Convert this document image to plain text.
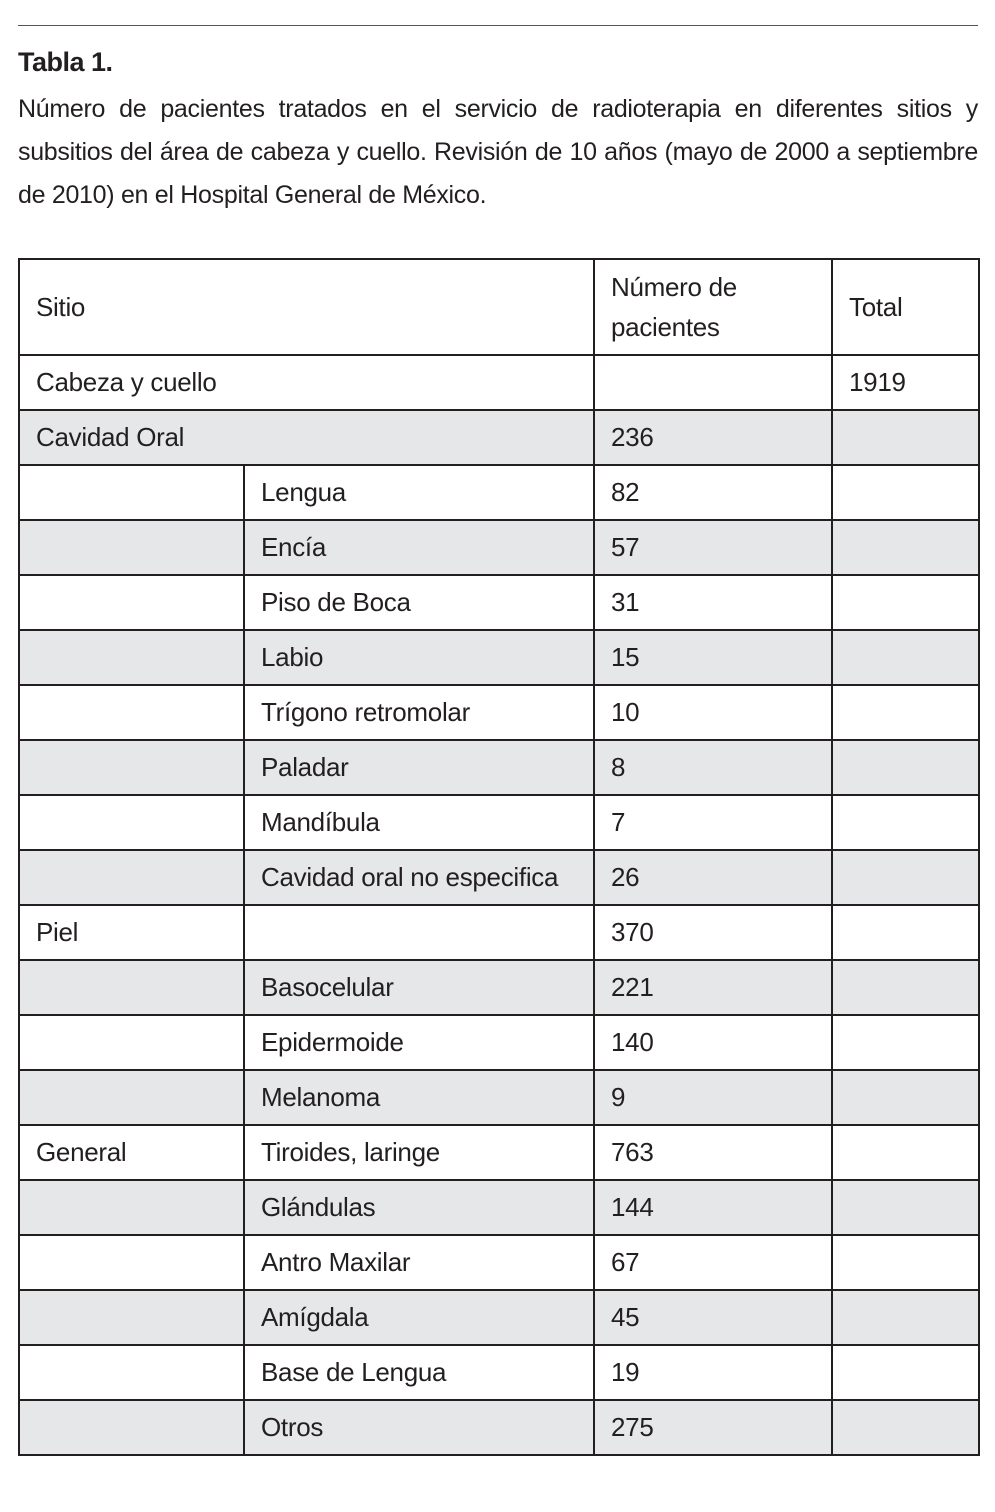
Tabla 1.
Número de pacientes tratados en el servicio de radioterapia en diferentes sitios y subsitios del área de cabeza y cuello. Revisión de 10 años (mayo de 2000 a septiembre de 2010) en el Hospital General de México.
Sitio		Número de pacientes	Total
Cabeza y cuello			1919
Cavidad Oral		236	
	Lengua	82	
	Encía	57	
	Piso de Boca	31	
	Labio	15	
	Trígono retromolar	10	
	Paladar	8	
	Mandíbula	7	
	Cavidad oral no especifica	26	
Piel		370	
	Basocelular	221	
	Epidermoide	140	
	Melanoma	9	
General	Tiroides, laringe	763	
	Glándulas	144	
	Antro Maxilar	67	
	Amígdala	45	
	Base de Lengua	19	
	Otros	275	
